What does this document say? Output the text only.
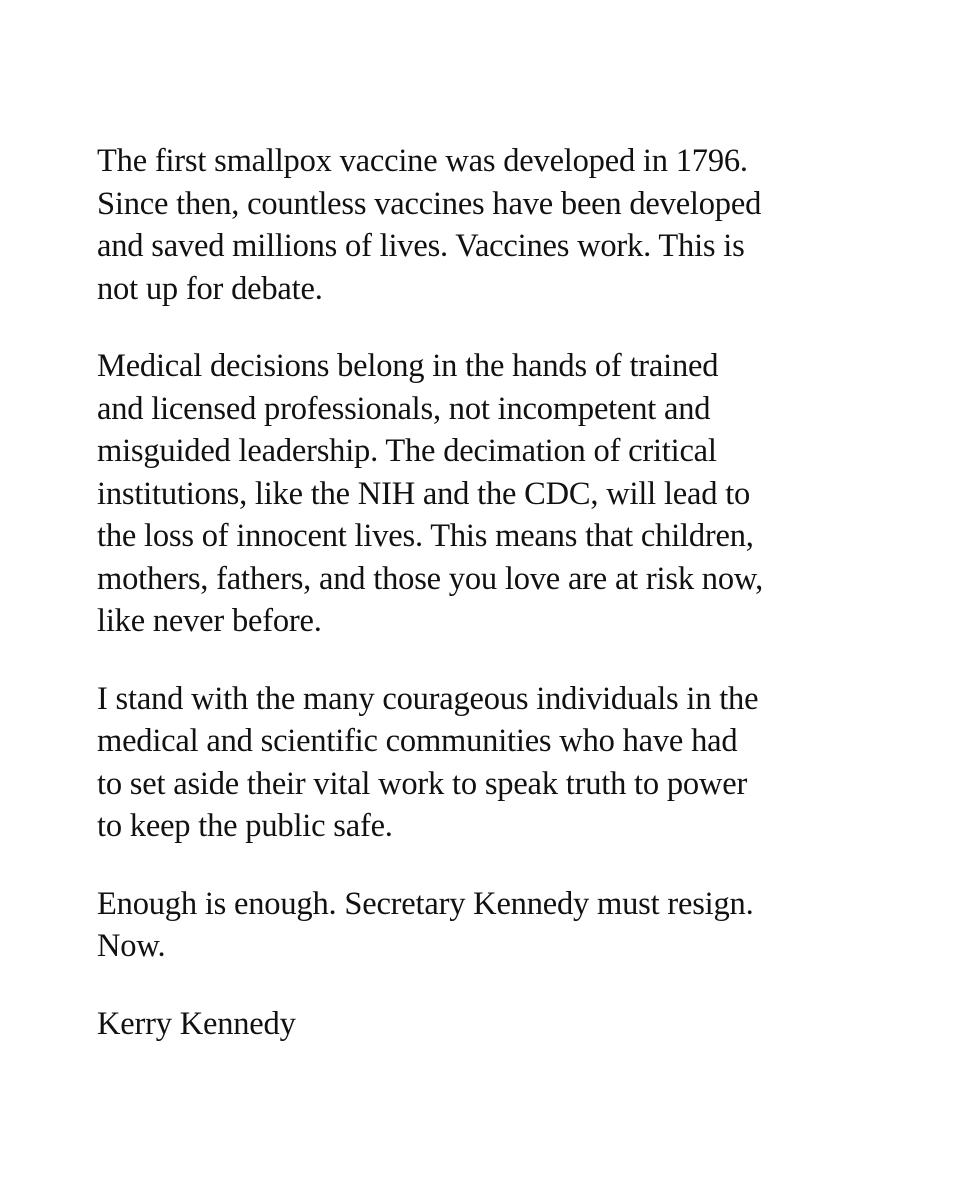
The first smallpox vaccine was developed in 1796.
Since then, countless vaccines have been developed
and saved millions of lives. Vaccines work. This is
not up for debate.

Medical decisions belong in the hands of trained
and licensed professionals, not incompetent and
misguided leadership. The decimation of critical
institutions, like the NIH and the CDC, will lead to
the loss of innocent lives. This means that children,
mothers, fathers, and those you love are at risk now,
like never before.

I stand with the many courageous individuals in the
medical and scientific communities who have had
to set aside their vital work to speak truth to power
to keep the public safe.

Enough is enough. Secretary Kennedy must resign.
Now.

Kerry Kennedy
